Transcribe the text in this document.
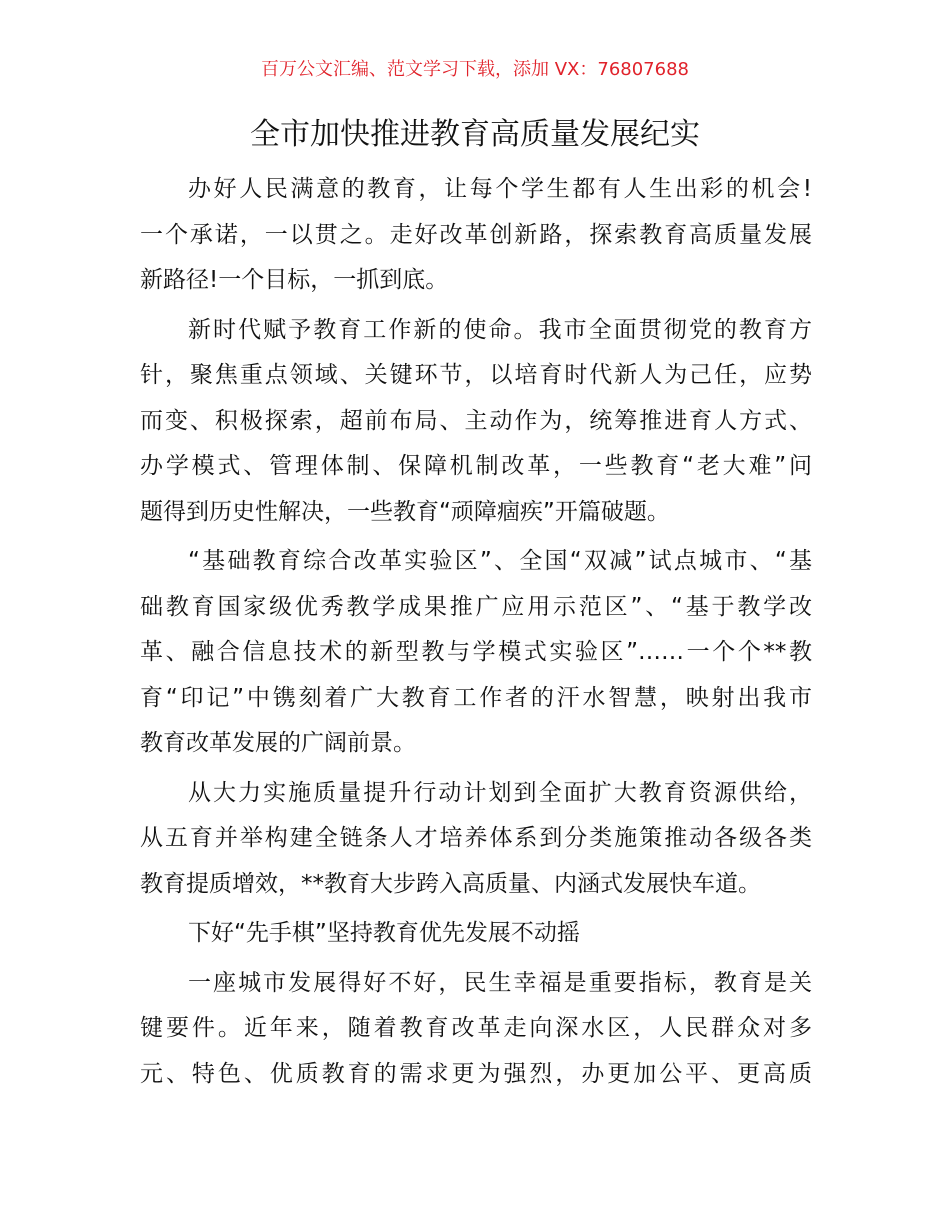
百万公文汇编、范文学习下载，添加 VX：76807688
全市加快推进教育高质量发展纪实
办好人民满意的教育，让每个学生都有人生出彩的机会!
一个承诺，一以贯之。走好改革创新路，探索教育高质量发展
新路径!一个目标，一抓到底。
新时代赋予教育工作新的使命。我市全面贯彻党的教育方
针，聚焦重点领域、关键环节，以培育时代新人为己任，应势
而变、积极探索，超前布局、主动作为，统筹推进育人方式、
办学模式、管理体制、保障机制改革，一些教育“老大难”问
题得到历史性解决，一些教育“顽障痼疾”开篇破题。
“基础教育综合改革实验区”、全国“双减”试点城市、“基
础教育国家级优秀教学成果推广应用示范区”、“基于教学改
革、融合信息技术的新型教与学模式实验区”……一个个**教
育“印记”中镌刻着广大教育工作者的汗水智慧，映射出我市
教育改革发展的广阔前景。
从大力实施质量提升行动计划到全面扩大教育资源供给，
从五育并举构建全链条人才培养体系到分类施策推动各级各类
教育提质增效，**教育大步跨入高质量、内涵式发展快车道。
下好“先手棋”坚持教育优先发展不动摇
一座城市发展得好不好，民生幸福是重要指标，教育是关
键要件。近年来，随着教育改革走向深水区，人民群众对多
元、特色、优质教育的需求更为强烈，办更加公平、更高质
